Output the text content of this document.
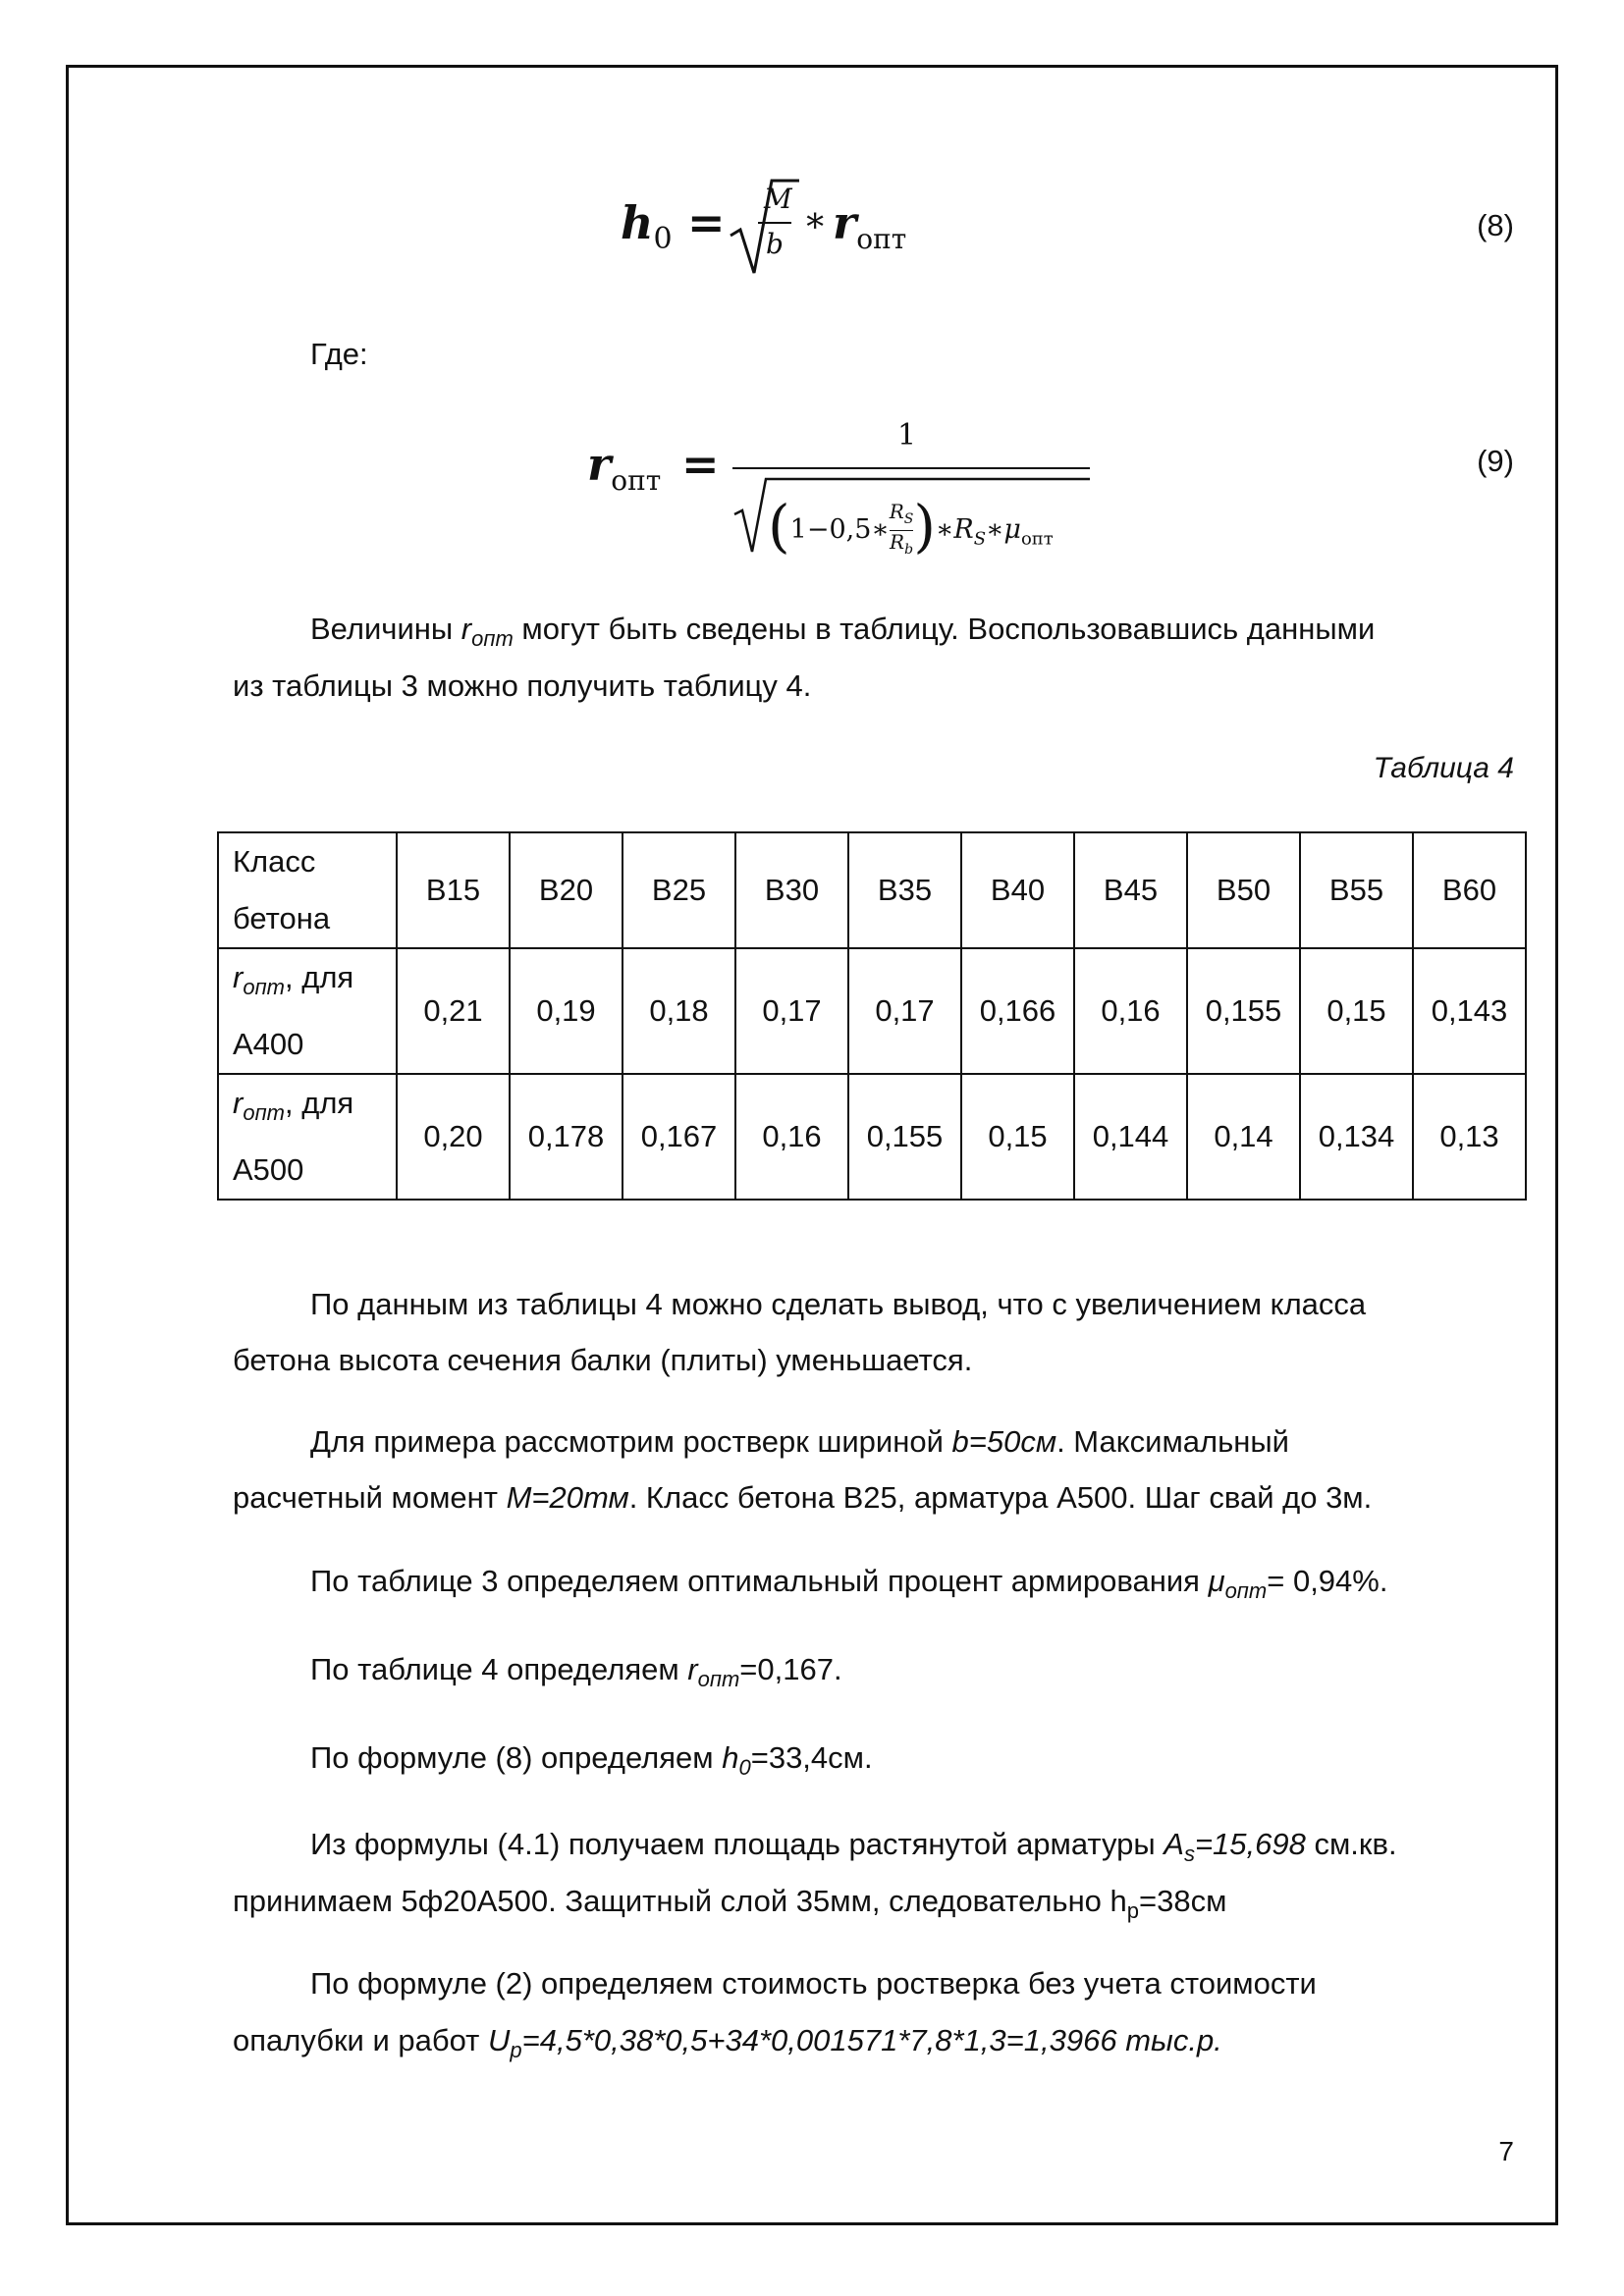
$h_0 = M$
b
∗ $r_{опт}$	(8)
Где:
$r_{опт}$ =
1
(1−0,5∗ $\frac{R_S}{R_b}$ )$∗R_S∗\mu_{опт}$
(9)
Величины $r_{опт}$ могут быть сведены в таблицу. Воспользовавшись данными
из таблицы 3 можно получить таблицу 4.
Таблица 4
Класс
бетона	B15	B20	B25	B30	B35	B40	B45	B50	B55	B60
$r_{опт}$, для
А400	0,21	0,19	0,18	0,17	0,17	0,166	0,16	0,155	0,15	0,143
$r_{опт}$, для
А500	0,20	0,178	0,167	0,16	0,155	0,15	0,144	0,14	0,134	0,13
По данным из таблицы 4 можно сделать вывод, что с увеличением класса
бетона высота сечения балки (плиты) уменьшается.
Для примера рассмотрим ростверк шириной b=50см. Максимальный
расчетный момент M=20тм. Класс бетона В25, арматура А500. Шаг свай до 3м.
По таблице 3 определяем оптимальный процент армирования $\mu_{опт}= 0,94\%$.
По таблице 4 определяем $r_{опт}=0,167$.
По формуле (8) определяем $h_0=33,4см$.
Из формулы (4.1) получаем площадь растянутой арматуры $A_s=15,698$ см.кв.
принимаем 5ф20А500. Защитный слой 35мм, следовательно $h_р=38см$
По формуле (2) определяем стоимость ростверка без учета стоимости
опалубки и работ $U_р=4,5*0,38*0,5+34*0,001571*7,8*1,3=1,3966$ тыс.р.
7
